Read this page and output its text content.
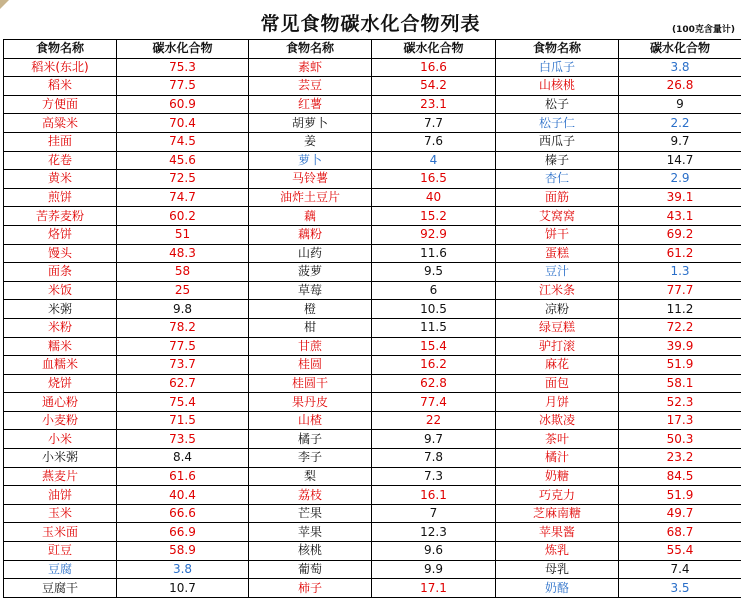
常见食物碳水化合物列表	(100克含量计)
食物名称	碳水化合物	食物名称	碳水化合物	食物名称	碳水化合物
稻米(东北)	75.3	素虾	16.6	白瓜子	3.8
稻米	77.5	芸豆	54.2	山核桃	26.8
方便面	60.9	红薯	23.1	松子	9
高粱米	70.4	胡萝卜	7.7	松子仁	2.2
挂面	74.5	姜	7.6	西瓜子	9.7
花卷	45.6	萝卜	4	榛子	14.7
黄米	72.5	马铃薯	16.5	杏仁	2.9
煎饼	74.7	油炸土豆片	40	面筋	39.1
苦荞麦粉	60.2	藕	15.2	艾窝窝	43.1
烙饼	51	藕粉	92.9	饼干	69.2
馒头	48.3	山药	11.6	蛋糕	61.2
面条	58	菠萝	9.5	豆汁	1.3
米饭	25	草莓	6	江米条	77.7
米粥	9.8	橙	10.5	凉粉	11.2
米粉	78.2	柑	11.5	绿豆糕	72.2
糯米	77.5	甘蔗	15.4	驴打滚	39.9
血糯米	73.7	桂圆	16.2	麻花	51.9
烧饼	62.7	桂圆干	62.8	面包	58.1
通心粉	75.4	果丹皮	77.4	月饼	52.3
小麦粉	71.5	山楂	22	冰欺凌	17.3
小米	73.5	橘子	9.7	茶叶	50.3
小米粥	8.4	李子	7.8	橘汁	23.2
燕麦片	61.6	梨	7.3	奶糖	84.5
油饼	40.4	荔枝	16.1	巧克力	51.9
玉米	66.6	芒果	7	芝麻南糖	49.7
玉米面	66.9	苹果	12.3	苹果酱	68.7
豇豆	58.9	核桃	9.6	炼乳	55.4
豆腐	3.8	葡萄	9.9	母乳	7.4
豆腐干	10.7	柿子	17.1	奶酪	3.5
